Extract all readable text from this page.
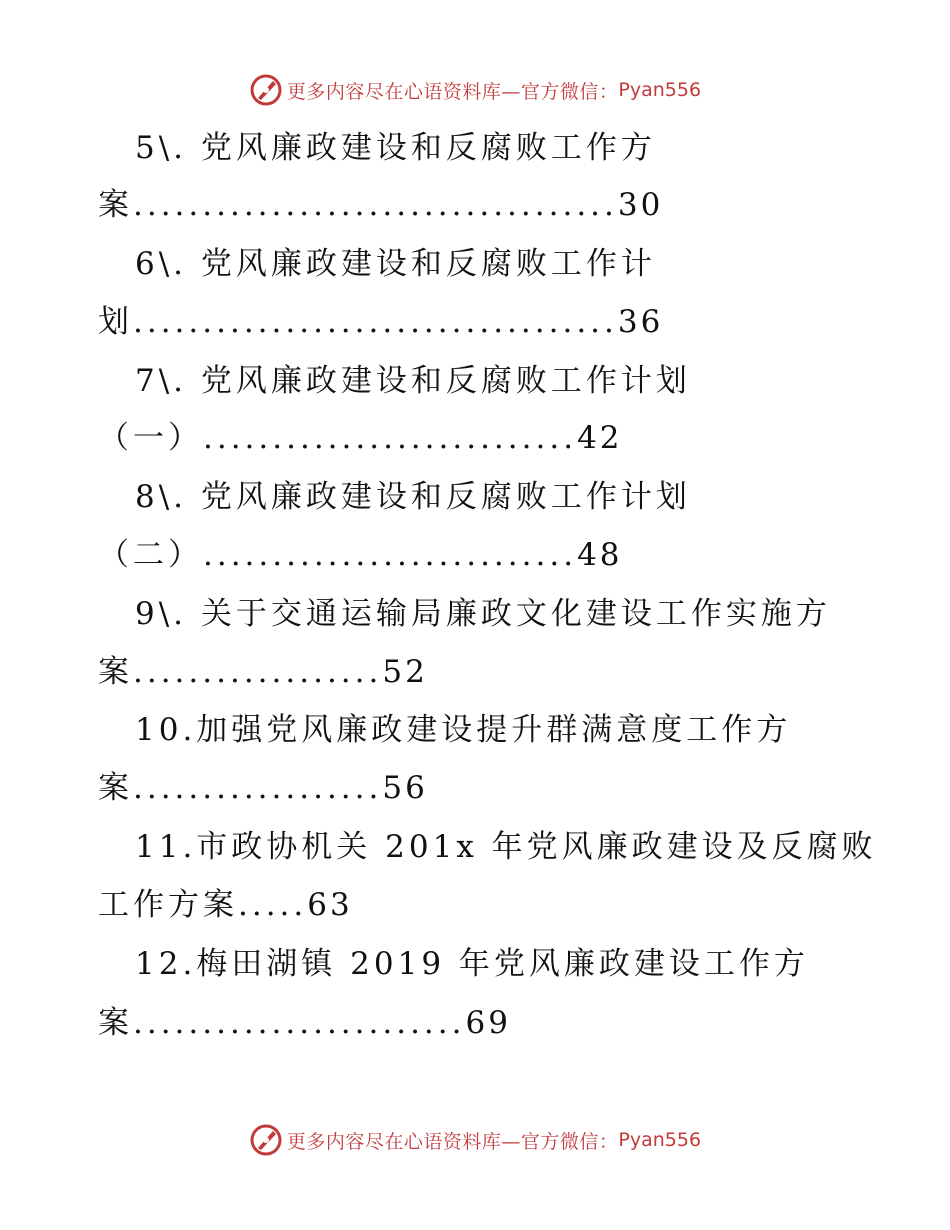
更多内容尽在心语资料库—官方微信： Pyan556
5\. 党风廉政建设和反腐败工作方
案...................................30
6\. 党风廉政建设和反腐败工作计
划...................................36
7\. 党风廉政建设和反腐败工作计划
（一）...........................42
8\. 党风廉政建设和反腐败工作计划
（二）...........................48
9\. 关于交通运输局廉政文化建设工作实施方
案..................52
10.加强党风廉政建设提升群满意度工作方
案..................56
11.市政协机关 201x 年党风廉政建设及反腐败
工作方案.....63
12.梅田湖镇 2019 年党风廉政建设工作方
案........................69
更多内容尽在心语资料库—官方微信： Pyan556
